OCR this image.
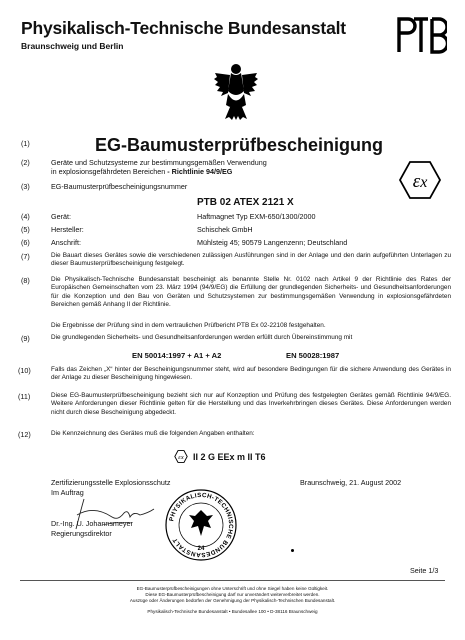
Physikalisch-Technische Bundesanstalt
Braunschweig und Berlin
(1)	EG-Baumusterprüfbescheinigung
(2)	Geräte und Schutzsysteme zur bestimmungsgemäßen Verwendung
in explosionsgefährdeten Bereichen - Richtlinie 94/9/EG	εx
(3)	EG-Baumusterprüfbescheinigungsnummer
PTB 02 ATEX 2121 X
(4)	Gerät:	Haftmagnet Typ EXM-650/1300/2000
(5)	Hersteller:	Schischek GmbH
(6)	Anschrift:	Mühlsteig 45; 90579 Langenzenn; Deutschland
(7)	Die Bauart dieses Gerätes sowie die verschiedenen zulässigen Ausführungen sind in der Anlage und den darin aufgeführten Unterlagen zu dieser Baumusterprüfbescheinigung festgelegt.
(8)	Die Physikalisch-Technische Bundesanstalt bescheinigt als benannte Stelle Nr. 0102 nach Artikel 9 der Richtlinie des Rates der Europäischen Gemeinschaften vom 23. März 1994 (94/9/EG) die Erfüllung der grundlegenden Sicherheits- und Gesundheitsanforderungen für die Konzeption und den Bau von Geräten und Schutzsystemen zur bestimmungsgemäßen Verwendung in explosionsgefährdeten Bereichen gemäß Anhang II der Richtlinie.
Die Ergebnisse der Prüfung sind in dem vertraulichen Prüfbericht PTB Ex 02-22108 festgehalten.
(9)	Die grundlegenden Sicherheits- und Gesundheitsanforderungen werden erfüllt durch Übereinstimmung mit
EN 50014:1997 + A1 + A2	EN 50028:1987
(10)	Falls das Zeichen „X“ hinter der Bescheinigungsnummer steht, wird auf besondere Bedingungen für die sichere Anwendung des Gerätes in der Anlage zu dieser Bescheinigung hingewiesen.
(11)	Diese EG-Baumusterprüfbescheinigung bezieht sich nur auf Konzeption und Prüfung des festgelegten Gerätes gemäß Richtlinie 94/9/EG. Weitere Anforderungen dieser Richtlinie gelten für die Herstellung und das Inverkehrbringen dieses Gerätes. Diese Anforderungen werden nicht durch diese Bescheinigung abgedeckt.
(12)	Die Kennzeichnung des Gerätes muß die folgenden Angaben enthalten:
εx II 2 G EEx m II T6
Zertifizierungsstelle Explosionsschutz
Im Auftrag
Dr.-Ing. U. Johannsmeyer
Regierungsdirektor
Braunschweig, 21. August 2002
PHYSIKALISCH-TECHNISCHE BUNDESANSTALT
24
Seite 1/3
EG-Baumusterprüfbescheinigungen ohne Unterschrift und ohne Siegel haben keine Gültigkeit.
Diese EG-Baumusterprüfbescheinigung darf nur unverändert weiterverbreitet werden.
Auszüge oder Änderungen bedürfen der Genehmigung der Physikalisch-Technischen Bundesanstalt.
Physikalisch-Technische Bundesanstalt • Bundesallee 100 • D-38116 Braunschweig
